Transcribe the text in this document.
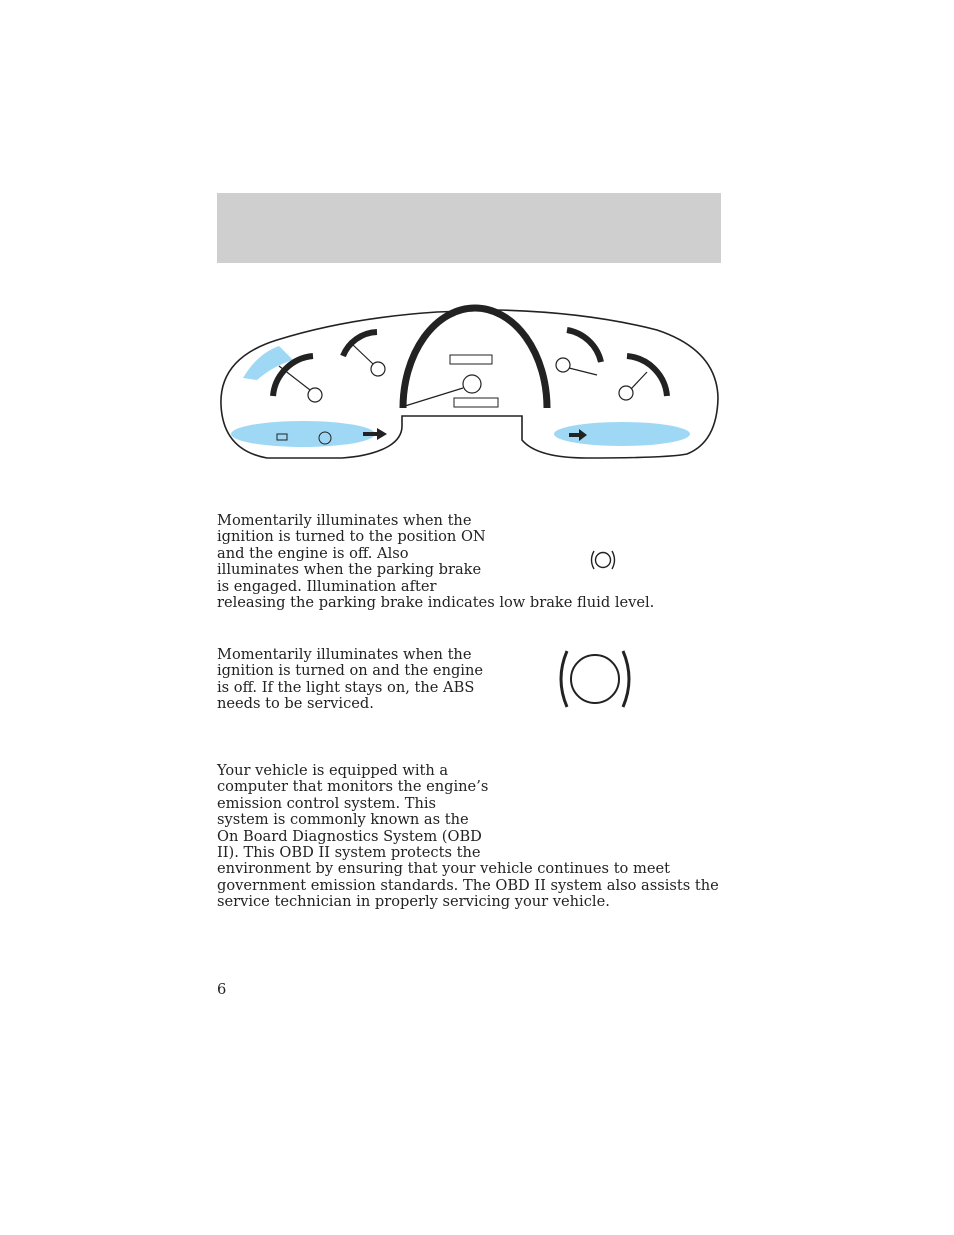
Momentarily illuminates when the
ignition is turned to the position ON
and the engine is off. Also
illuminates when the parking brake
is engaged. Illumination after
releasing the parking brake indicates low brake fluid level.

Momentarily illuminates when the
ignition is turned on and the engine
is off. If the light stays on, the ABS
needs to be serviced.

Your vehicle is equipped with a
computer that monitors the engine’s
emission control system. This
system is commonly known as the
On Board Diagnostics System (OBD
II). This OBD II system protects the
environment by ensuring that your vehicle continues to meet
government emission standards. The OBD II system also assists the
service technician in properly servicing your vehicle.

6
